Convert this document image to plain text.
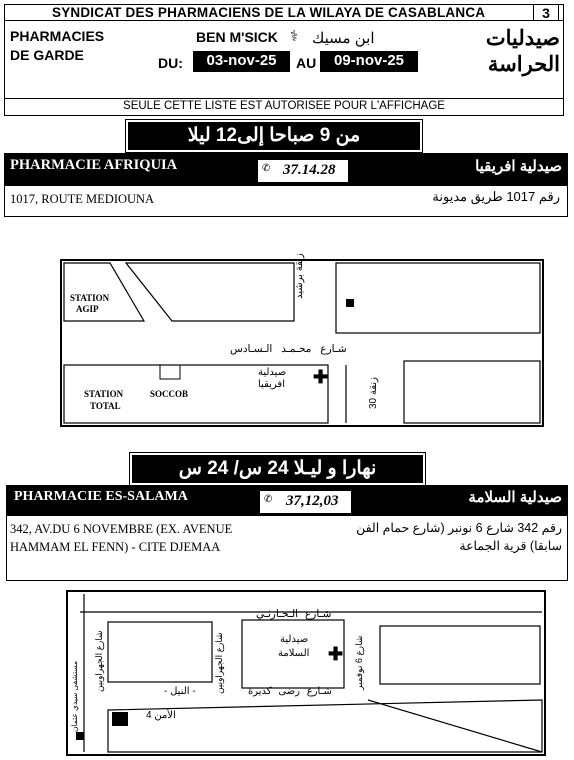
SYNDICAT DES PHARMACIENS DE LA WILAYA DE CASABLANCA	3
PHARMACIES
DE GARDE
BEN M'SICK ⚕ ابن مسيك
DU:	03-nov-25	AU	09-nov-25
صيدليات
الحراسة
SEULE CETTE LISTE EST AUTORISEE POUR L'AFFICHAGE
من 9 صباحا إلى12 ليلا
PHARMACIE AFRIQUIA	✆ 37.14.28	صيدلية افريقيا
1017, ROUTE MEDIOUNA	رقم 1017 طريق مديونة
STATION
AGIP
زنقة برشيد
شـارع محـمـد الـسـادس
زنقة 30
STATION
TOTAL
SOCCOB
صيدلية
افريقيا ✚
نهارا و ليـلا 24 س/ 24 س
PHARMACIE ES-SALAMA	✆ 37,12,03	صيدلية السلامة
342, AV.DU 6 NOVEMBRE (EX. AVENUE
HAMMAM EL FENN) - CITE DJEMAA
رقم 342 شارع 6 نونبر (شارع حمام الفن
سابقا) قرية الجماعة
شـارع الـحـارثـي
شارع الجهراويين	شارع الجهراويين	شارع 6 نوفمبر
- النيل -	شـارع رضى كديرة
الأمن 4
مستشفى سيدي عثمان
صيدلية
السلامة ✚
